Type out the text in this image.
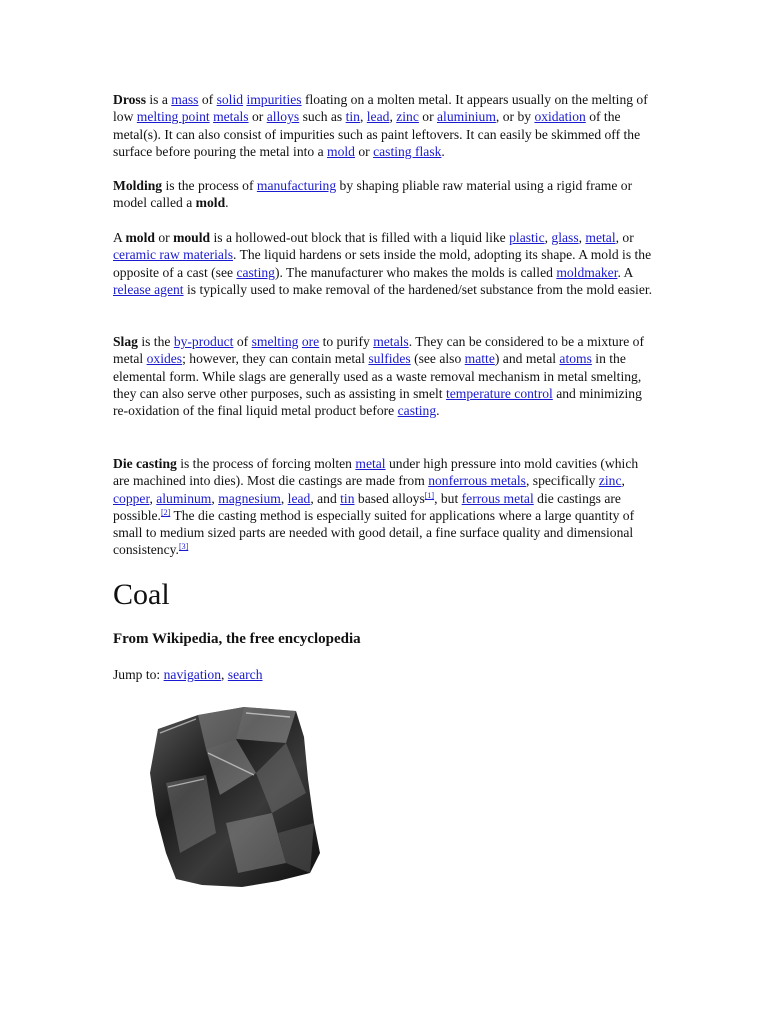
Dross is a mass of solid impurities floating on a molten metal. It appears usually on the melting of low melting point metals or alloys such as tin, lead, zinc or aluminium, or by oxidation of the metal(s). It can also consist of impurities such as paint leftovers. It can easily be skimmed off the surface before pouring the metal into a mold or casting flask.

Molding is the process of manufacturing by shaping pliable raw material using a rigid frame or model called a mold.

A mold or mould is a hollowed-out block that is filled with a liquid like plastic, glass, metal, or ceramic raw materials. The liquid hardens or sets inside the mold, adopting its shape. A mold is the opposite of a cast (see casting). The manufacturer who makes the molds is called moldmaker. A release agent is typically used to make removal of the hardened/set substance from the mold easier.

Slag is the by-product of smelting ore to purify metals. They can be considered to be a mixture of metal oxides; however, they can contain metal sulfides (see also matte) and metal atoms in the elemental form. While slags are generally used as a waste removal mechanism in metal smelting, they can also serve other purposes, such as assisting in smelt temperature control and minimizing re-oxidation of the final liquid metal product before casting.

Die casting is the process of forcing molten metal under high pressure into mold cavities (which are machined into dies). Most die castings are made from nonferrous metals, specifically zinc, copper, aluminum, magnesium, lead, and tin based alloys[1], but ferrous metal die castings are possible.[2] The die casting method is especially suited for applications where a large quantity of small to medium sized parts are needed with good detail, a fine surface quality and dimensional consistency.[3]

Coal
From Wikipedia, the free encyclopedia

Jump to: navigation, search
